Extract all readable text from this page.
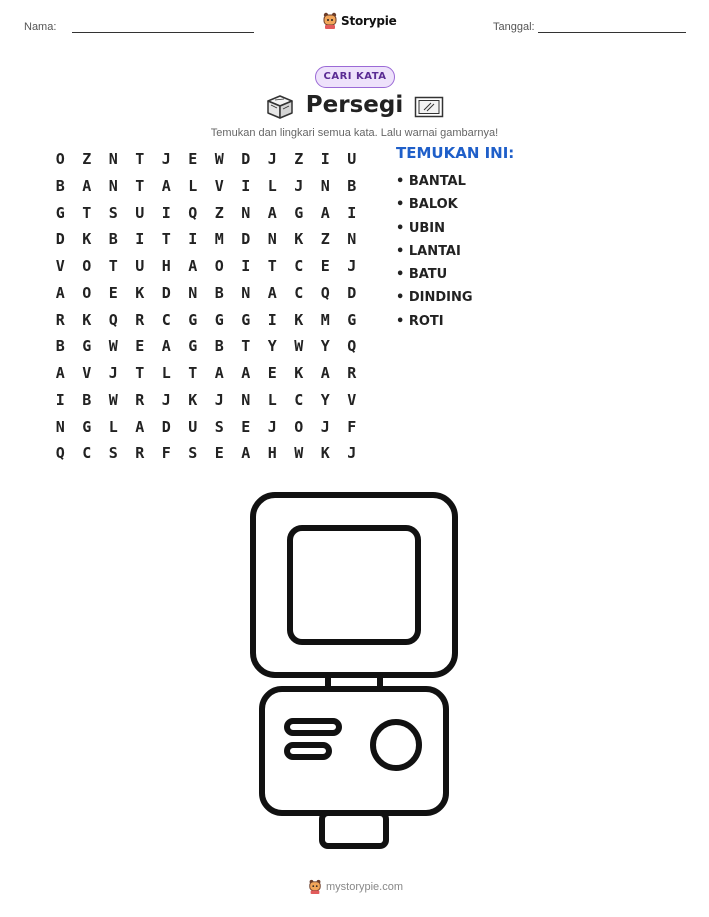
Nama:	Storypie	Tanggal:
CARI KATA
Persegi
Temukan dan lingkari semua kata. Lalu warnai gambarnya!
O	Z	N	T	J	E	W	D	J	Z	I	U
B	A	N	T	A	L	V	I	L	J	N	B
G	T	S	U	I	Q	Z	N	A	G	A	I
D	K	B	I	T	I	M	D	N	K	Z	N
V	O	T	U	H	A	O	I	T	C	E	J
A	O	E	K	D	N	B	N	A	C	Q	D
R	K	Q	R	C	G	G	G	I	K	M	G
B	G	W	E	A	G	B	T	Y	W	Y	Q
A	V	J	T	L	T	A	A	E	K	A	R
I	B	W	R	J	K	J	N	L	C	Y	V
N	G	L	A	D	U	S	E	J	O	J	F
Q	C	S	R	F	S	E	A	H	W	K	J
TEMUKAN INI:
• BANTAL
• BALOK
• UBIN
• LANTAI
• BATU
• DINDING
• ROTI
mystorypie.com
